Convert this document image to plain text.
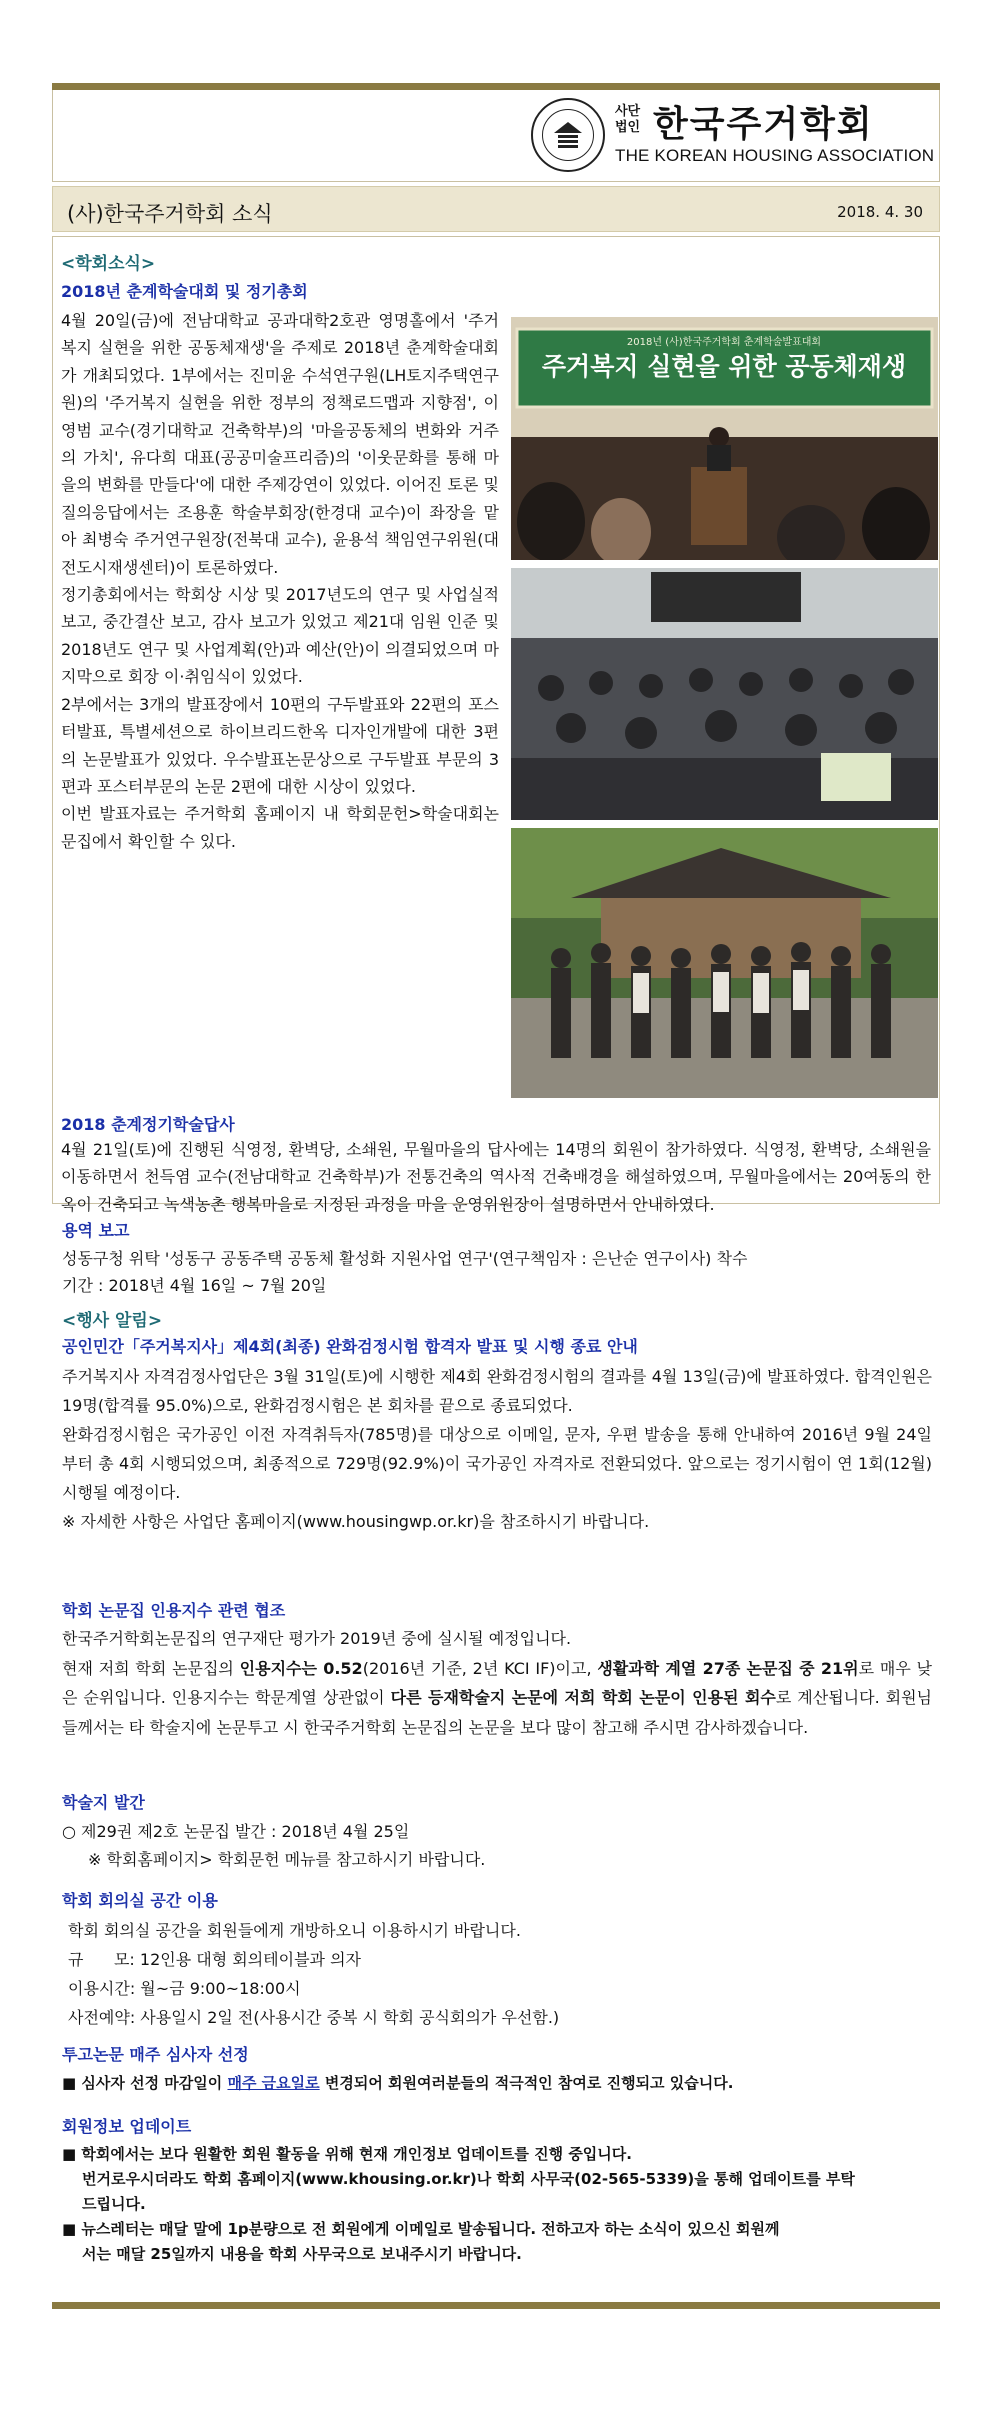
사단
법인 한국주거학회
THE KOREAN HOUSING ASSOCIATION
(사)한국주거학회 소식	2018. 4. 30
<학회소식>
2018년 춘계학술대회 및 정기총회

4월 20일(금)에 전남대학교 공과대학2호관 영명홀에서 '주거복지 실현을 위한 공동체재생'을 주제로 2018년 춘계학술대회가 개최되었다. 1부에서는 진미윤 수석연구원(LH토지주택연구원)의 '주거복지 실현을 위한 정부의 정책로드맵과 지향점', 이영범 교수(경기대학교 건축학부)의 '마을공동체의 변화와 거주의 가치', 유다희 대표(공공미술프리즘)의 '이웃문화를 통해 마을의 변화를 만들다'에 대한 주제강연이 있었다. 이어진 토론 및 질의응답에서는 조용훈 학술부회장(한경대 교수)이 좌장을 맡아 최병숙 주거연구원장(전북대 교수), 윤용석 책임연구위원(대전도시재생센터)이 토론하였다.

정기총회에서는 학회상 시상 및 2017년도의 연구 및 사업실적 보고, 중간결산 보고, 감사 보고가 있었고 제21대 임원 인준 및 2018년도 연구 및 사업계획(안)과 예산(안)이 의결되었으며 마지막으로 회장 이·취임식이 있었다.

2부에서는 3개의 발표장에서 10편의 구두발표와 22편의 포스터발표, 특별세션으로 하이브리드한옥 디자인개발에 대한 3편의 논문발표가 있었다. 우수발표논문상으로 구두발표 부문의 3편과 포스터부문의 논문 2편에 대한 시상이 있었다.

이번 발표자료는 주거학회 홈페이지 내 학회문헌>학술대회논문집에서 확인할 수 있다.

2018년 (사)한국주거학회 춘계학술발표대회
주거복지 실현을 위한 공동체재생
2018 춘계정기학술답사
4월 21일(토)에 진행된 식영정, 환벽당, 소쇄원, 무월마을의 답사에는 14명의 회원이 참가하였다. 식영정, 환벽당, 소쇄원을 이동하면서 천득염 교수(전남대학교 건축학부)가 전통건축의 역사적 건축배경을 해설하였으며, 무월마을에서는 20여동의 한옥이 건축되고 녹색농촌 행복마을로 지정된 과정을 마을 운영위원장이 설명하면서 안내하였다.
용역 보고
성동구청 위탁 '성동구 공동주택 공동체 활성화 지원사업 연구'(연구책임자 : 은난순 연구이사) 착수
기간 : 2018년 4월 16일 ~ 7월 20일
<행사 알림>
공인민간「주거복지사」제4회(최종) 완화검정시험 합격자 발표 및 시행 종료 안내

주거복지사 자격검정사업단은 3월 31일(토)에 시행한 제4회 완화검정시험의 결과를 4월 13일(금)에 발표하였다. 합격인원은 19명(합격률 95.0%)으로, 완화검정시험은 본 회차를 끝으로 종료되었다.

완화검정시험은 국가공인 이전 자격취득자(785명)를 대상으로 이메일, 문자, 우편 발송을 통해 안내하여 2016년 9월 24일부터 총 4회 시행되었으며, 최종적으로 729명(92.9%)이 국가공인 자격자로 전환되었다. 앞으로는 정기시험이 연 1회(12월) 시행될 예정이다.

※ 자세한 사항은 사업단 홈페이지(www.housingwp.or.kr)을 참조하시기 바랍니다.

학회 논문집 인용지수 관련 협조

한국주거학회논문집의 연구재단 평가가 2019년 중에 실시될 예정입니다.

현재 저희 학회 논문집의 인용지수는 0.52(2016년 기준, 2년 KCI IF)이고, 생활과학 계열 27종 논문집 중 21위로 매우 낮은 순위입니다. 인용지수는 학문계열 상관없이 다른 등재학술지 논문에 저희 학회 논문이 인용된 회수로 계산됩니다. 회원님들께서는 타 학술지에 논문투고 시 한국주거학회 논문집의 논문을 보다 많이 참고해 주시면 감사하겠습니다.

학술지 발간
○ 제29권 제2호 논문집 발간 : 2018년 4월 25일
※ 학회홈페이지> 학회문헌 메뉴를 참고하시기 바랍니다.
학회 회의실 공간 이용

학회 회의실 공간을 회원들에게 개방하오니 이용하시기 바랍니다.

규      모: 12인용 대형 회의테이블과 의자

이용시간: 월~금 9:00~18:00시

사전예약: 사용일시 2일 전(사용시간 중복 시 학회 공식회의가 우선함.)

투고논문 매주 심사자 선정
■ 심사자 선정 마감일이 매주 금요일로 변경되어 회원여러분들의 적극적인 참여로 진행되고 있습니다.
회원정보 업데이트

■ 학회에서는 보다 원활한 회원 활동을 위해 현재 개인정보 업데이트를 진행 중입니다.

번거로우시더라도 학회 홈페이지(www.khousing.or.kr)나 학회 사무국(02-565-5339)을 통해 업데이트를 부탁

드립니다.

■ 뉴스레터는 매달 말에 1p분량으로 전 회원에게 이메일로 발송됩니다. 전하고자 하는 소식이 있으신 회원께

서는 매달 25일까지 내용을 학회 사무국으로 보내주시기 바랍니다.
